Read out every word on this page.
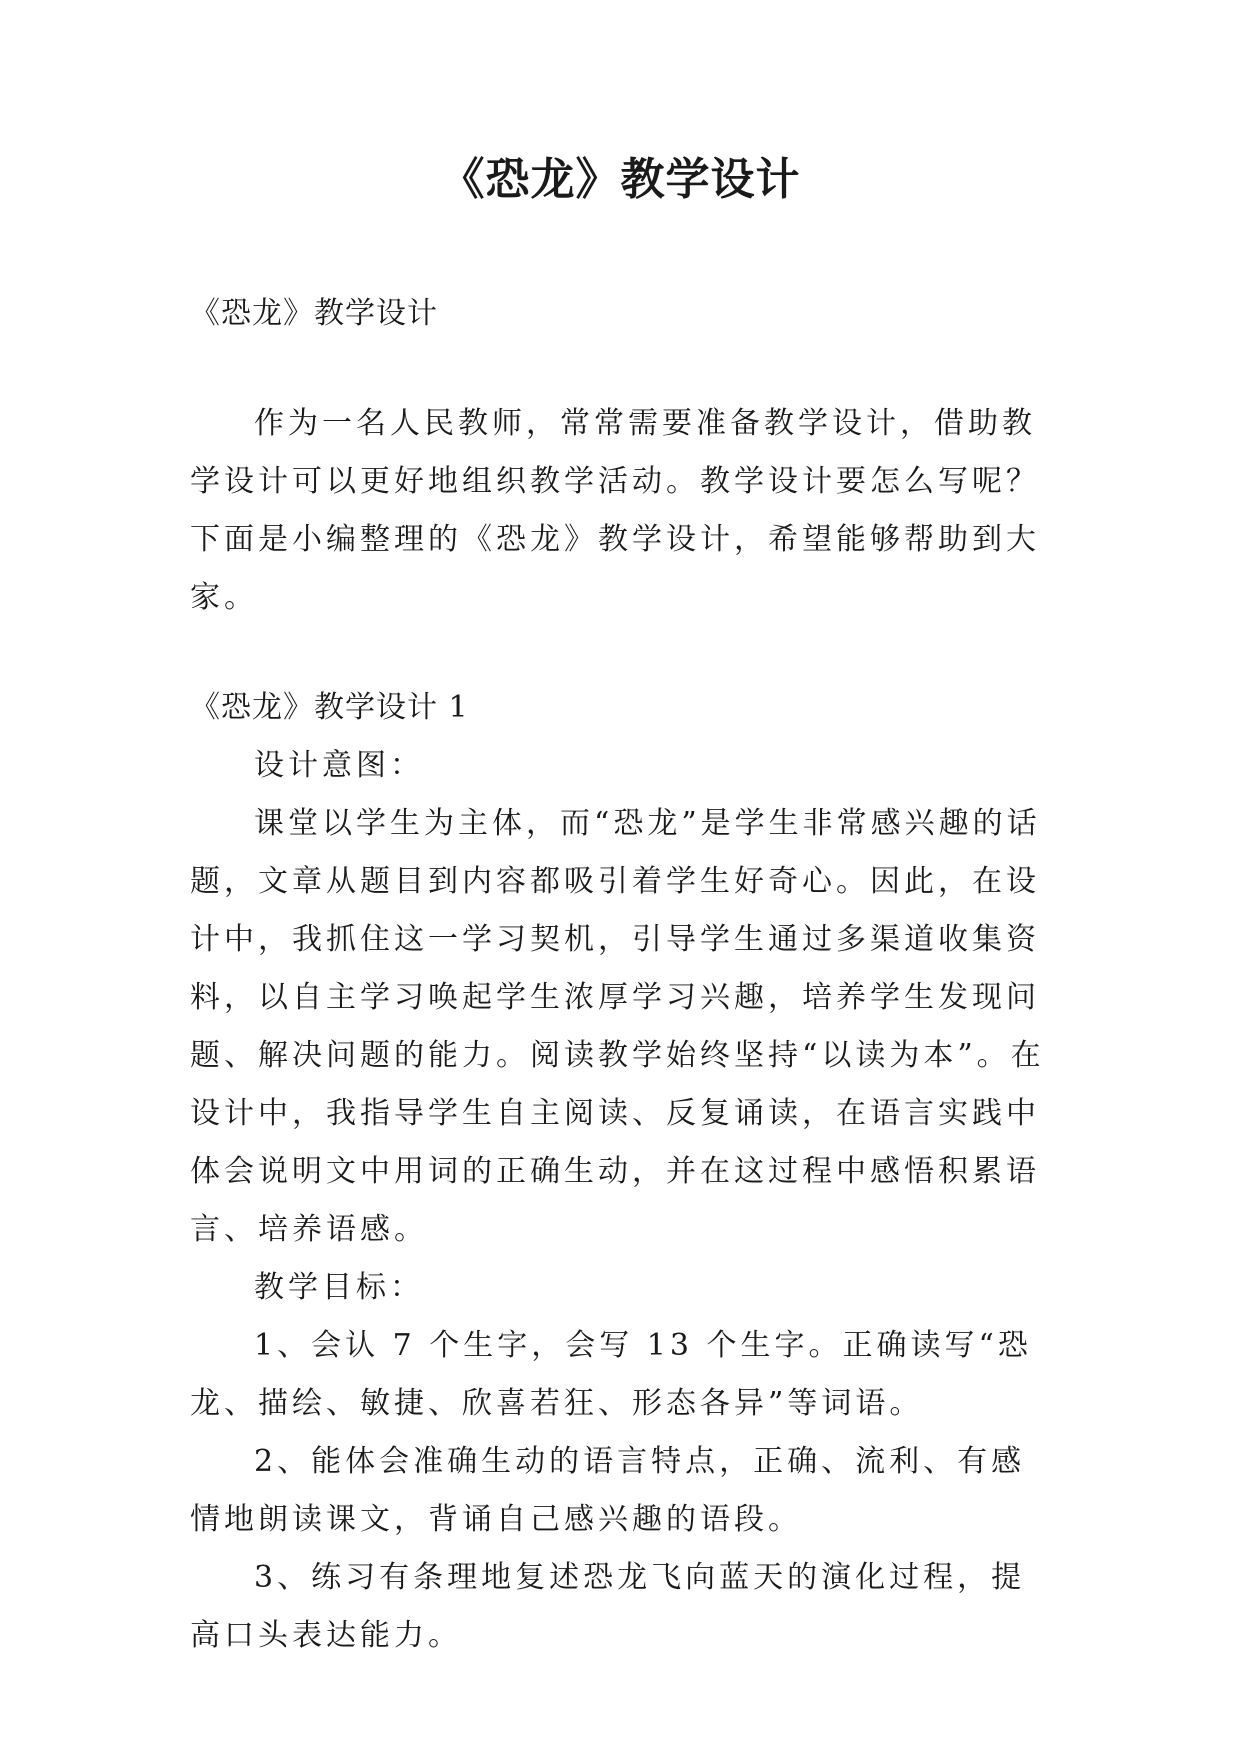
《恐龙》教学设计

《恐龙》教学设计

作为一名人民教师，常常需要准备教学设计，借助教学设计可以更好地组织教学活动。教学设计要怎么写呢？下面是小编整理的《恐龙》教学设计，希望能够帮助到大家。

《恐龙》教学设计 1

设计意图：

课堂以学生为主体，而“恐龙”是学生非常感兴趣的话题，文章从题目到内容都吸引着学生好奇心。因此，在设计中，我抓住这一学习契机，引导学生通过多渠道收集资料，以自主学习唤起学生浓厚学习兴趣，培养学生发现问题、解决问题的能力。阅读教学始终坚持“以读为本”。在设计中，我指导学生自主阅读、反复诵读，在语言实践中体会说明文中用词的正确生动，并在这过程中感悟积累语言、培养语感。

教学目标：

1、会认 7 个生字，会写 13 个生字。正确读写“恐龙、描绘、敏捷、欣喜若狂、形态各异”等词语。

2、能体会准确生动的语言特点，正确、流利、有感情地朗读课文，背诵自己感兴趣的语段。

3、练习有条理地复述恐龙飞向蓝天的演化过程，提高口头表达能力。
